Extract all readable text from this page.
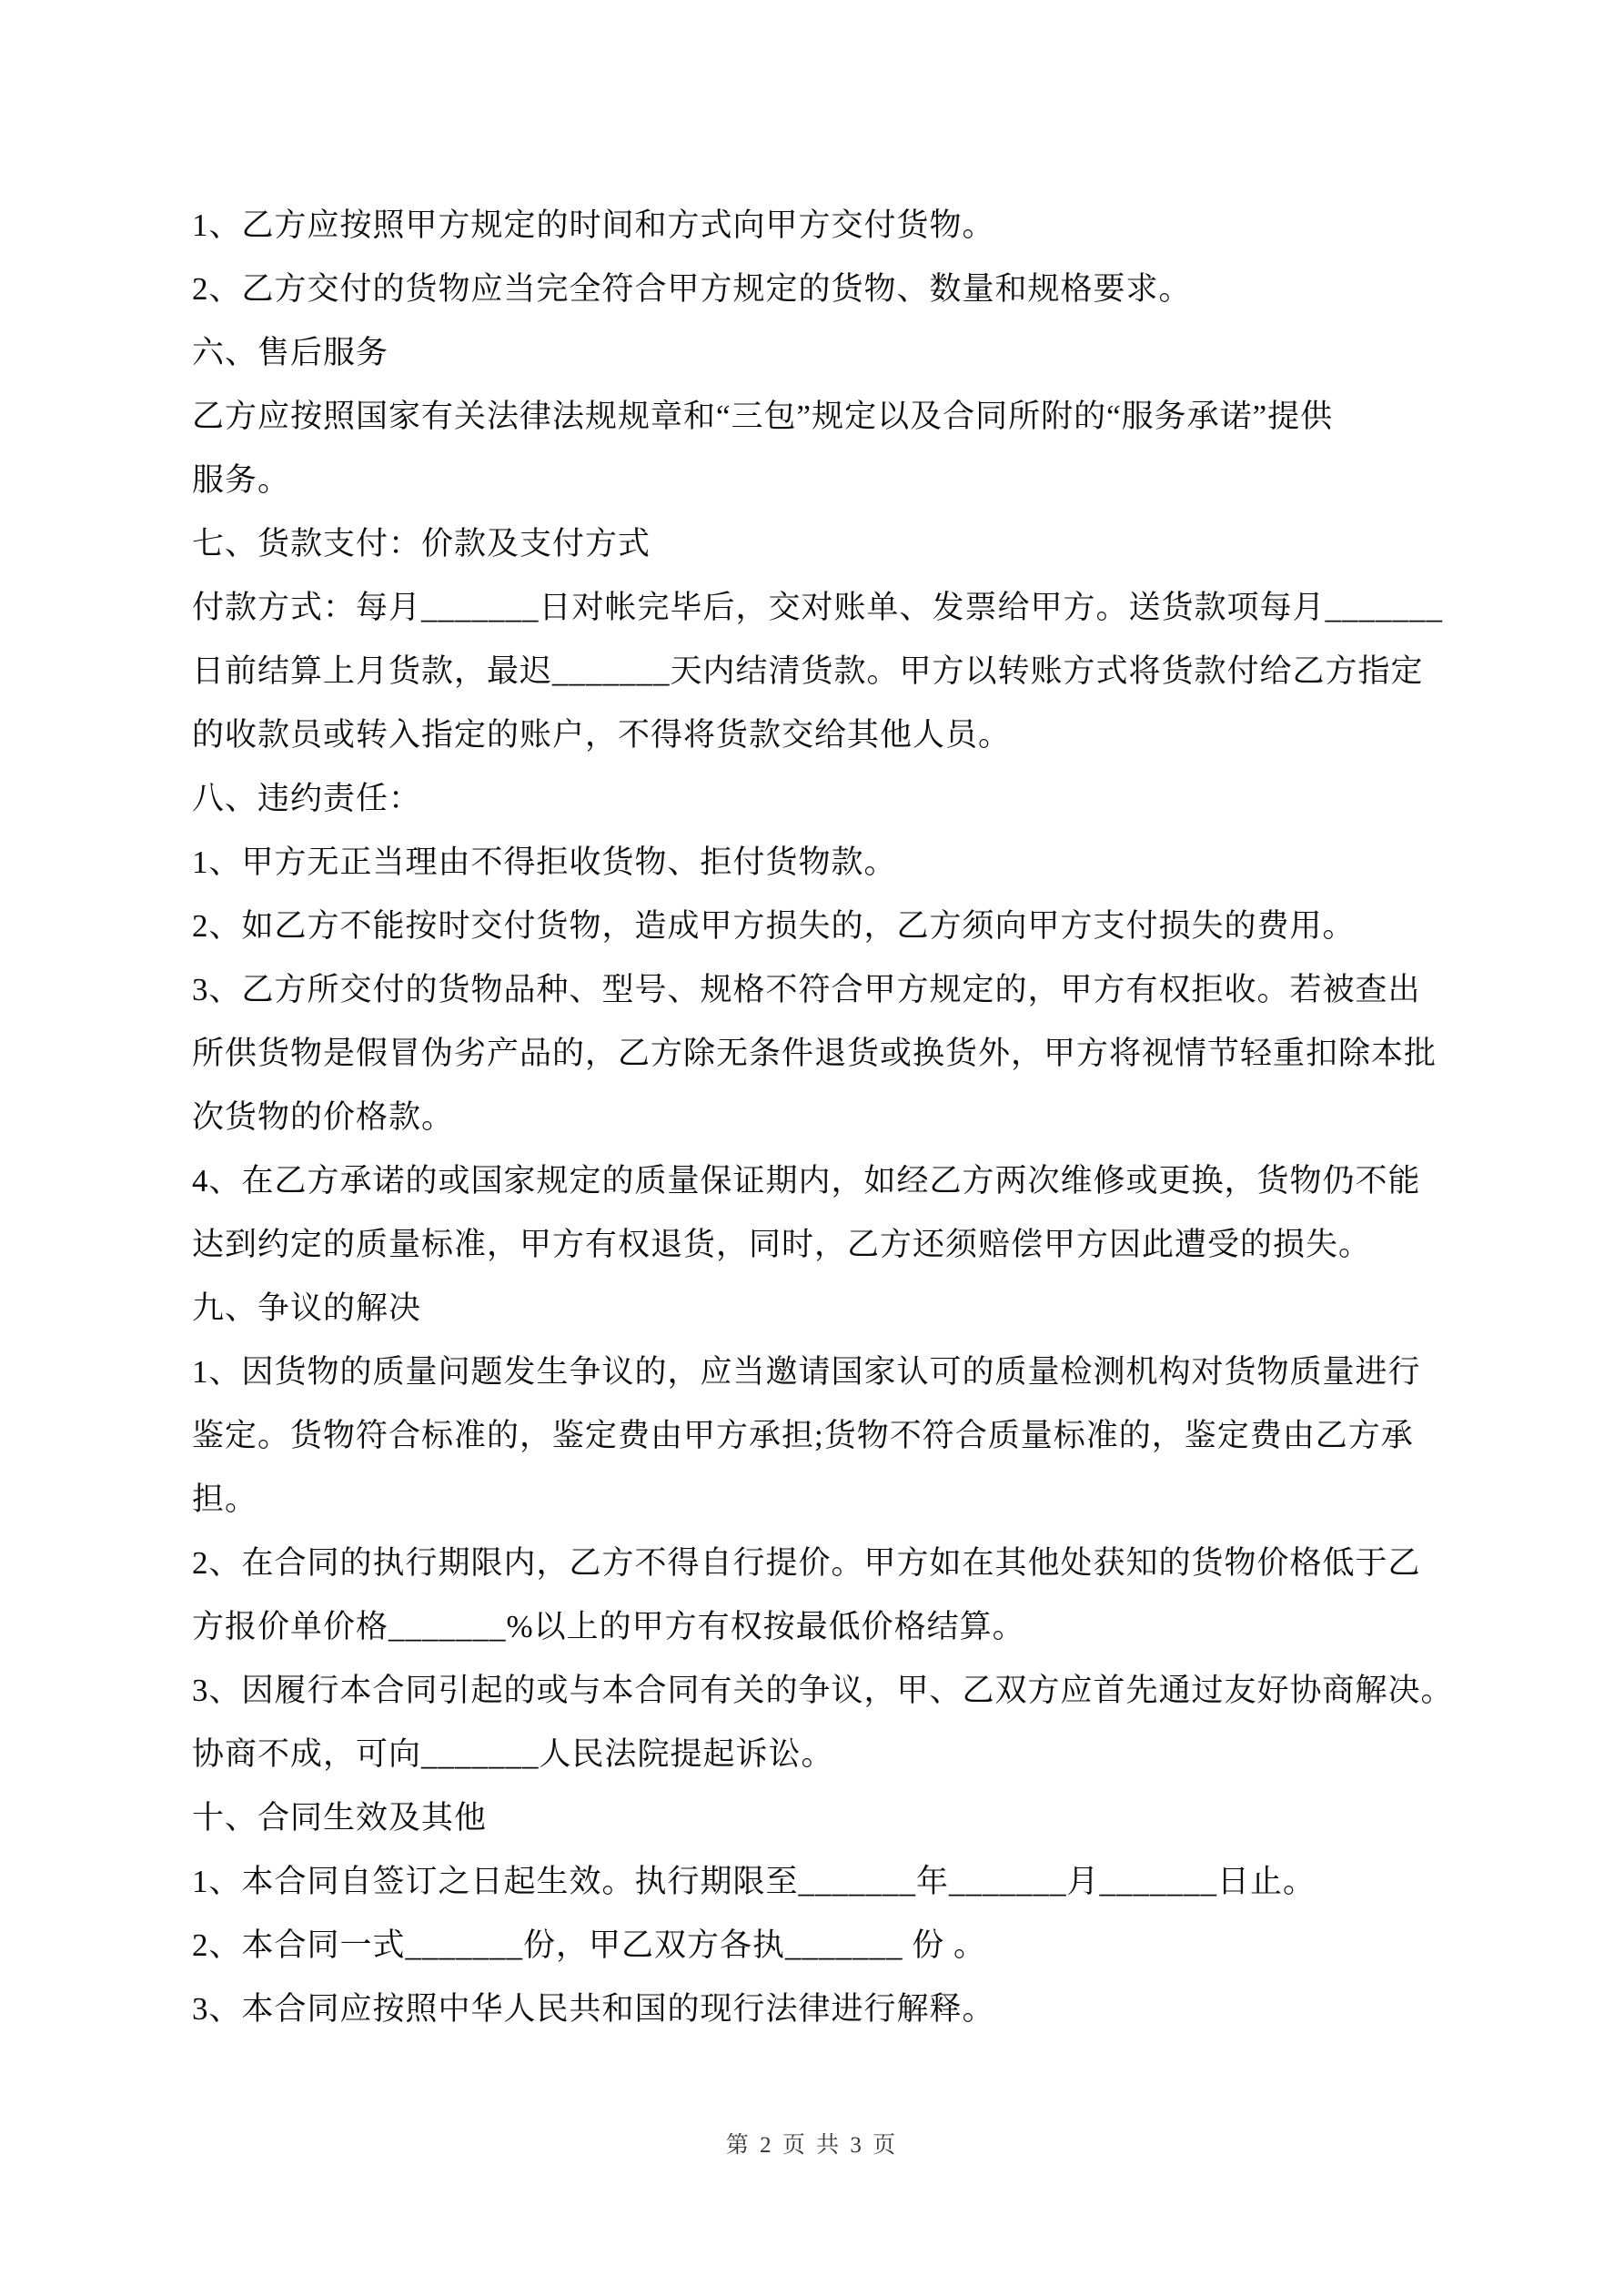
1、乙方应按照甲方规定的时间和方式向甲方交付货物。
2、乙方交付的货物应当完全符合甲方规定的货物、数量和规格要求。
六、售后服务
乙方应按照国家有关法律法规规章和“三包”规定以及合同所附的“服务承诺”提供
服务。
七、货款支付：价款及支付方式
付款方式：每月_______日对帐完毕后，交对账单、发票给甲方。送货款项每月_______
日前结算上月货款，最迟_______天内结清货款。甲方以转账方式将货款付给乙方指定
的收款员或转入指定的账户，不得将货款交给其他人员。
八、违约责任：
1、甲方无正当理由不得拒收货物、拒付货物款。
2、如乙方不能按时交付货物，造成甲方损失的，乙方须向甲方支付损失的费用。
3、乙方所交付的货物品种、型号、规格不符合甲方规定的，甲方有权拒收。若被查出
所供货物是假冒伪劣产品的，乙方除无条件退货或换货外，甲方将视情节轻重扣除本批
次货物的价格款。
4、在乙方承诺的或国家规定的质量保证期内，如经乙方两次维修或更换，货物仍不能
达到约定的质量标准，甲方有权退货，同时，乙方还须赔偿甲方因此遭受的损失。
九、争议的解决
1、因货物的质量问题发生争议的，应当邀请国家认可的质量检测机构对货物质量进行
鉴定。货物符合标准的，鉴定费由甲方承担;货物不符合质量标准的，鉴定费由乙方承
担。
2、在合同的执行期限内，乙方不得自行提价。甲方如在其他处获知的货物价格低于乙
方报价单价格_______%以上的甲方有权按最低价格结算。
3、因履行本合同引起的或与本合同有关的争议，甲、乙双方应首先通过友好协商解决。
协商不成，可向_______人民法院提起诉讼。
十、合同生效及其他
1、本合同自签订之日起生效。执行期限至_______年_______月_______日止。
2、本合同一式_______份，甲乙双方各执_______ 份 。
3、本合同应按照中华人民共和国的现行法律进行解释。
第 2 页 共 3 页
